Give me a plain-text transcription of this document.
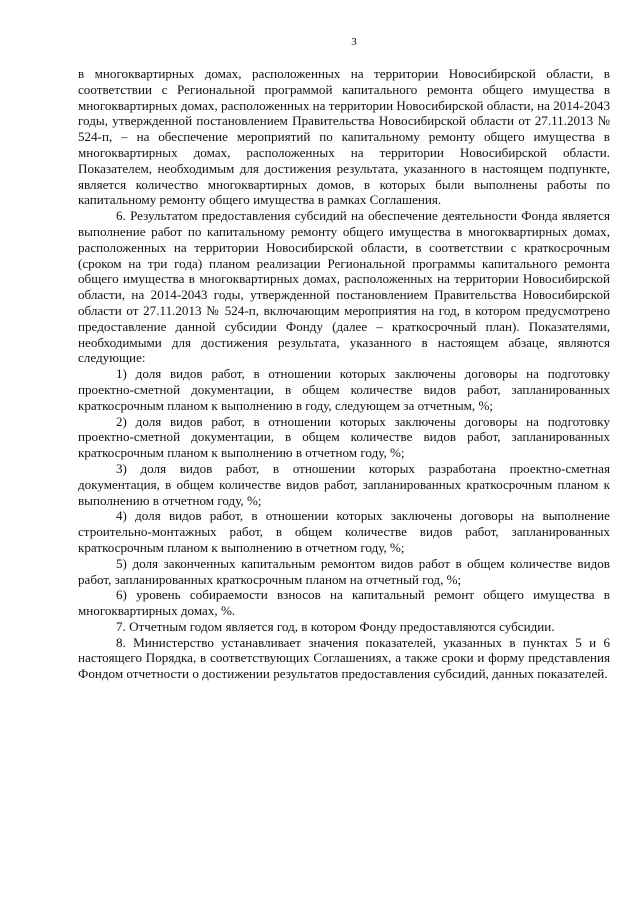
3

в многоквартирных домах, расположенных на территории Новосибирской области, в соответствии с Региональной программой капитального ремонта общего имущества в многоквартирных домах, расположенных на территории Новосибирской области, на 2014-2043 годы, утвержденной постановлением Правительства Новосибирской области от 27.11.2013 № 524-п, – на обеспечение мероприятий по капитальному ремонту общего имущества в многоквартирных домах, расположенных на территории Новосибирской области. Показателем, необходимым для достижения результата, указанного в настоящем подпункте, является количество многоквартирных домов, в которых были выполнены работы по капитальному ремонту общего имущества в рамках Соглашения.

6. Результатом предоставления субсидий на обеспечение деятельности Фонда является выполнение работ по капитальному ремонту общего имущества в многоквартирных домах, расположенных на территории Новосибирской области, в соответствии с краткосрочным (сроком на три года) планом реализации Региональной программы капитального ремонта общего имущества в многоквартирных домах, расположенных на территории Новосибирской области, на 2014-2043 годы, утвержденной постановлением Правительства Новосибирской области от 27.11.2013 № 524-п, включающим мероприятия на год, в котором предусмотрено предоставление данной субсидии Фонду (далее – краткосрочный план). Показателями, необходимыми для достижения результата, указанного в настоящем абзаце, являются следующие:

1) доля видов работ, в отношении которых заключены договоры на подготовку проектно-сметной документации, в общем количестве видов работ, запланированных краткосрочным планом к выполнению в году, следующем за отчетным, %;

2) доля видов работ, в отношении которых заключены договоры на подготовку проектно-сметной документации, в общем количестве видов работ, запланированных краткосрочным планом к выполнению в отчетном году, %;

3) доля видов работ, в отношении которых разработана проектно-сметная документация, в общем количестве видов работ, запланированных краткосрочным планом к выполнению в отчетном году, %;

4) доля видов работ, в отношении которых заключены договоры на выполнение строительно-монтажных работ, в общем количестве видов работ, запланированных краткосрочным планом к выполнению в отчетном году, %;

5) доля законченных капитальным ремонтом видов работ в общем количестве видов работ, запланированных краткосрочным планом на отчетный год, %;

6) уровень собираемости взносов на капитальный ремонт общего имущества в многоквартирных домах, %.

7. Отчетным годом является год, в котором Фонду предоставляются субсидии.

8. Министерство устанавливает значения показателей, указанных в пунктах 5 и 6 настоящего Порядка, в соответствующих Соглашениях, а также сроки и форму представления Фондом отчетности о достижении результатов предоставления субсидий, данных показателей.
